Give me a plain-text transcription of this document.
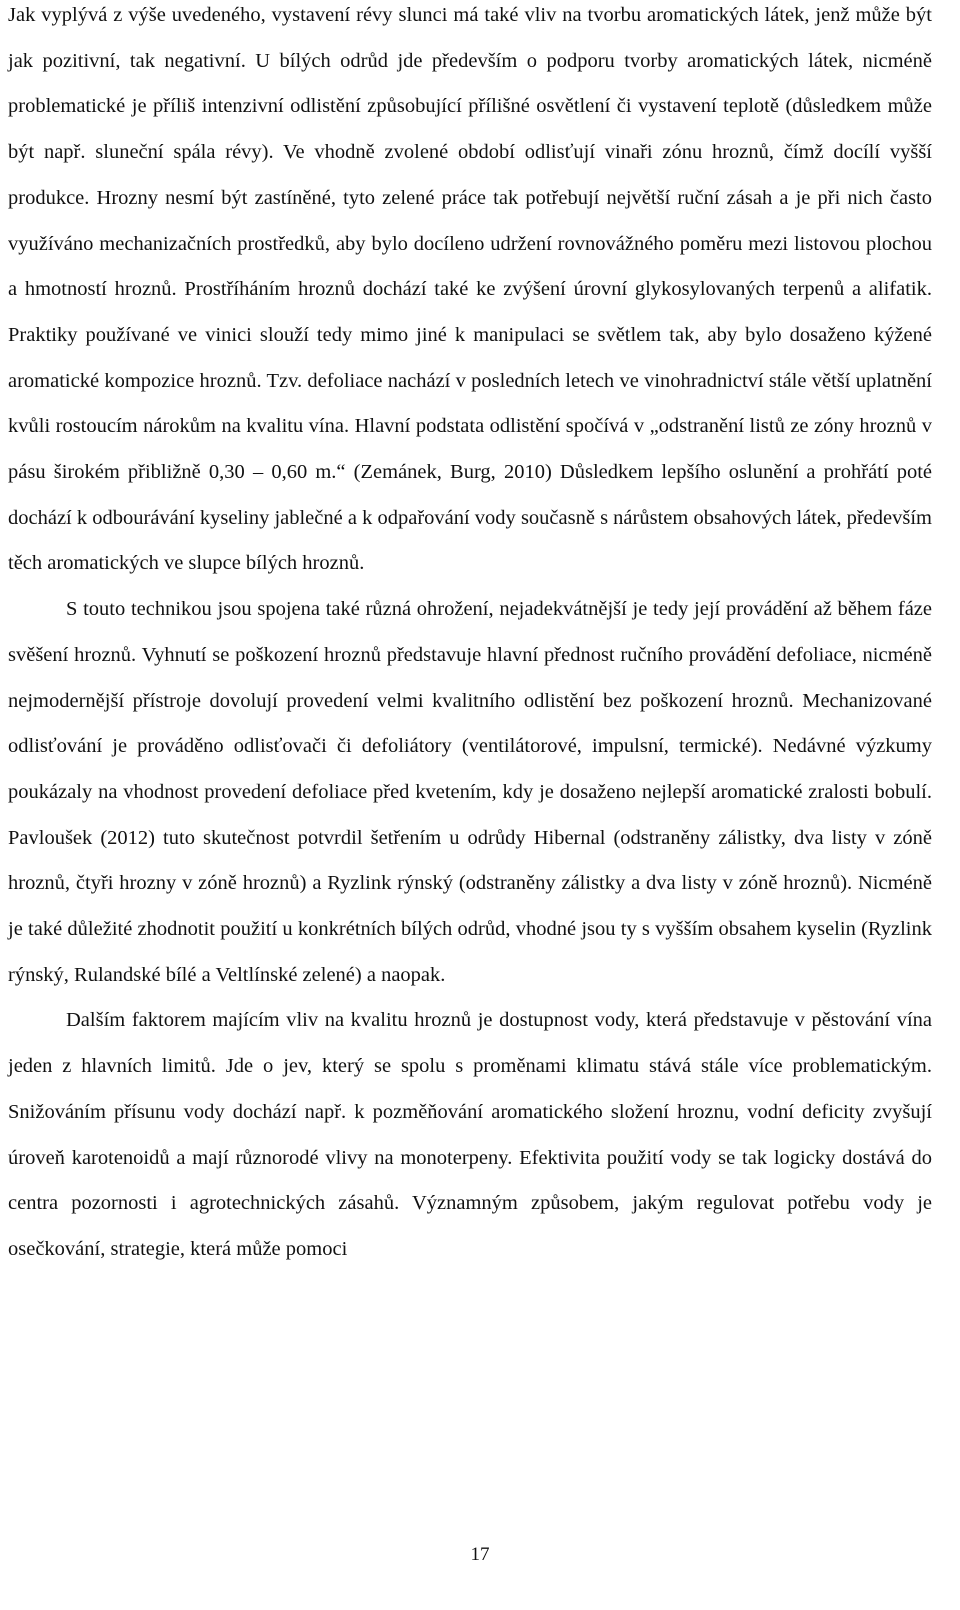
Jak vyplývá z výše uvedeného, vystavení révy slunci má také vliv na tvorbu aromatických látek, jenž může být jak pozitivní, tak negativní. U bílých odrůd jde především o podporu tvorby aromatických látek, nicméně problematické je příliš intenzivní odlistění způsobující přílišné osvětlení či vystavení teplotě (důsledkem může být např. sluneční spála révy). Ve vhodně zvolené období odlisťují vinaři zónu hroznů, čímž docílí vyšší produkce. Hrozny nesmí být zastíněné, tyto zelené práce tak potřebují největší ruční zásah a je při nich často využíváno mechanizačních prostředků, aby bylo docíleno udržení rovnovážného poměru mezi listovou plochou a hmotností hroznů. Prostříháním hroznů dochází také ke zvýšení úrovní glykosylovaných terpenů a alifatik. Praktiky používané ve vinici slouží tedy mimo jiné k manipulaci se světlem tak, aby bylo dosaženo kýžené aromatické kompozice hroznů. Tzv. defoliace nachází v posledních letech ve vinohradnictví stále větší uplatnění kvůli rostoucím nárokům na kvalitu vína. Hlavní podstata odlistění spočívá v „odstranění listů ze zóny hroznů v pásu širokém přibližně 0,30 – 0,60 m.“ (Zemánek, Burg, 2010) Důsledkem lepšího oslunění a prohřátí poté dochází k odbourávání kyseliny jablečné a k odpařování vody současně s nárůstem obsahových látek, především těch aromatických ve slupce bílých hroznů.

S touto technikou jsou spojena také různá ohrožení, nejadekvátnější je tedy její provádění až během fáze svěšení hroznů. Vyhnutí se poškození hroznů představuje hlavní přednost ručního provádění defoliace, nicméně nejmodernější přístroje dovolují provedení velmi kvalitního odlistění bez poškození hroznů. Mechanizované odlisťování je prováděno odlisťovači či defoliátory (ventilátorové, impulsní, termické). Nedávné výzkumy poukázaly na vhodnost provedení defoliace před kvetením, kdy je dosaženo nejlepší aromatické zralosti bobulí. Pavloušek (2012) tuto skutečnost potvrdil šetřením u odrůdy Hibernal (odstraněny zálistky, dva listy v zóně hroznů, čtyři hrozny v zóně hroznů) a Ryzlink rýnský (odstraněny zálistky a dva listy v zóně hroznů). Nicméně je také důležité zhodnotit použití u konkrétních bílých odrůd, vhodné jsou ty s vyšším obsahem kyselin (Ryzlink rýnský, Rulandské bílé a Veltlínské zelené) a naopak.

Dalším faktorem majícím vliv na kvalitu hroznů je dostupnost vody, která představuje v pěstování vína jeden z hlavních limitů. Jde o jev, který se spolu s proměnami klimatu stává stále více problematickým. Snižováním přísunu vody dochází např. k pozměňování aromatického složení hroznu, vodní deficity zvyšují úroveň karotenoidů a mají různorodé vlivy na monoterpeny. Efektivita použití vody se tak logicky dostává do centra pozornosti i agrotechnických zásahů. Významným způsobem, jakým regulovat potřebu vody je osečkování, strategie, která může pomoci

17
